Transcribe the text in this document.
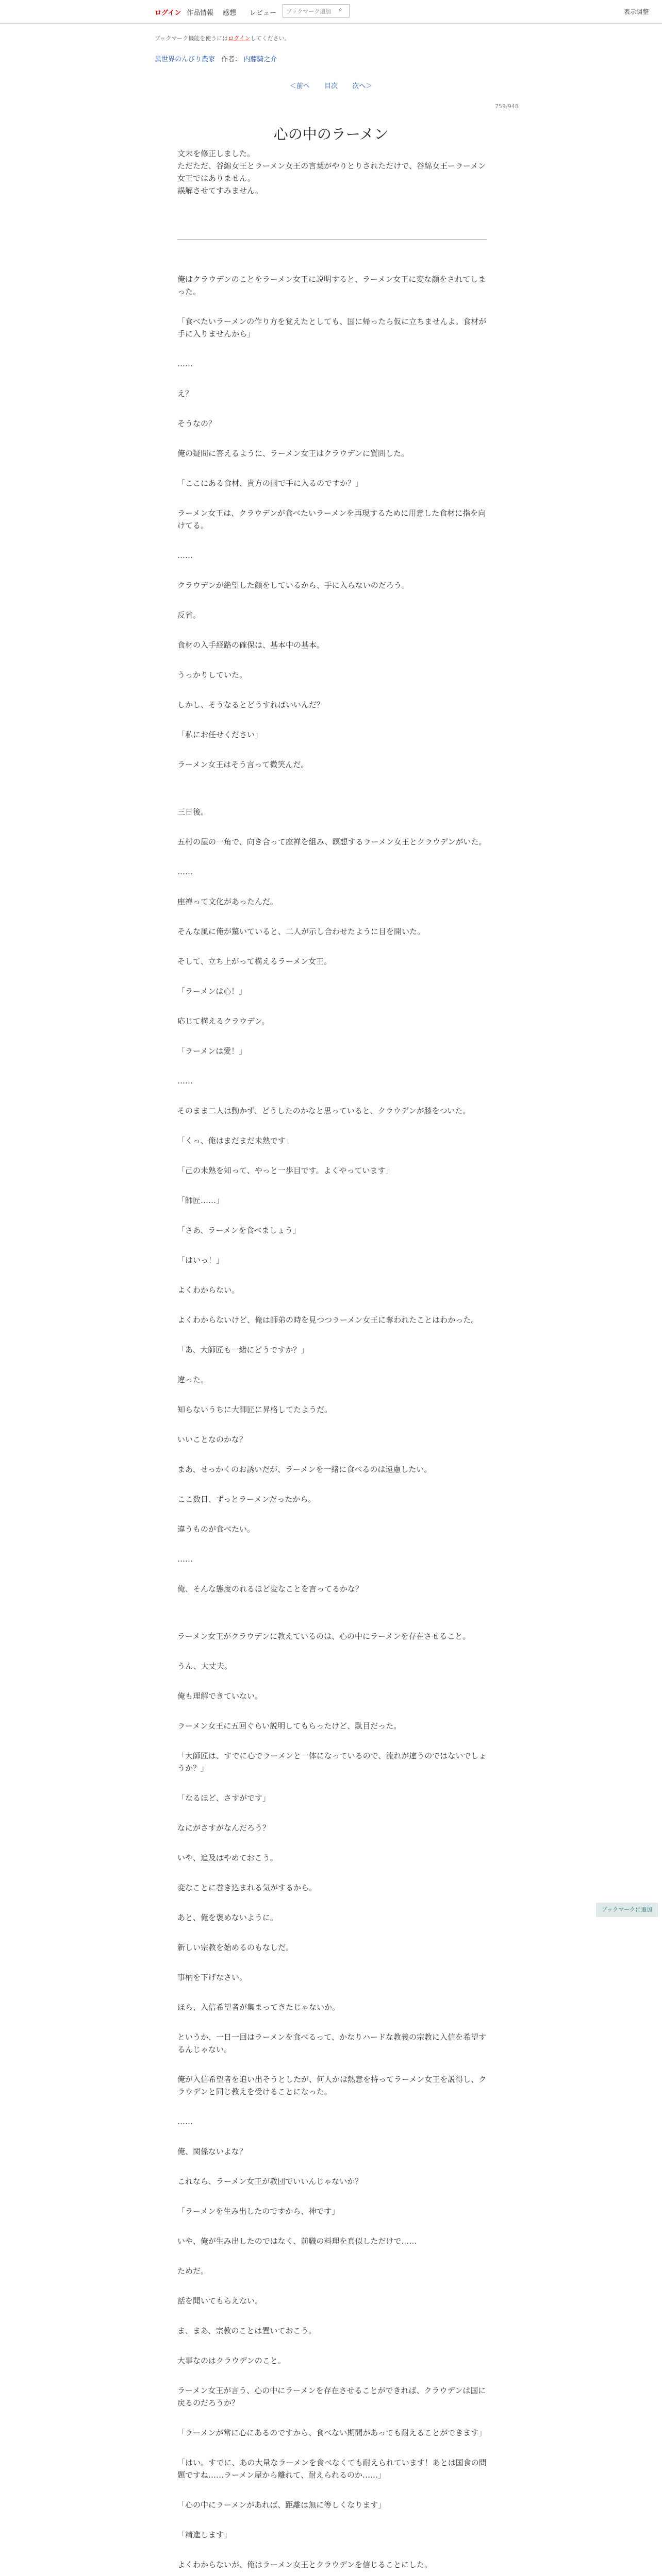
ログイン 作品情報 感想 レビュー	ブックマーク追加	⌕	表示調整
ブックマーク機能を使うにはログインしてください。
異世界のんびり農家 作者： 内藤騎之介
＜前へ 目次 次へ＞
759/948
心の中のラーメン
文末を修正しました。
ただただ、谷綿女王とラーメン女王の言葉がやりとりされただけで、谷綿女王ーラーメン女王ではありません。
誤解させてすみません。

俺はクラウデンのことをラーメン女王に説明すると、ラーメン女王に変な顔をされてしまった。

「食べたいラーメンの作り方を覚えたとしても、国に帰ったら仮に立ちませんよ。食材が手に入りませんから」

……

え？

そうなの？

俺の疑問に答えるように、ラーメン女王はクラウデンに質問した。

「ここにある食材、貴方の国で手に入るのですか？」

ラーメン女王は、クラウデンが食べたいラーメンを再現するために用意した食材に指を向けてる。

……

クラウデンが絶望した顔をしているから、手に入らないのだろう。

反省。

食材の入手経路の確保は、基本中の基本。

うっかりしていた。

しかし、そうなるとどうすればいいんだ？

「私にお任せください」

ラーメン女王はそう言って微笑んだ。

三日後。

五村の屋の一角で、向き合って座禅を組み、瞑想するラーメン女王とクラウデンがいた。

……

座禅って文化があったんだ。

そんな風に俺が驚いていると、二人が示し合わせたように目を開いた。

そして、立ち上がって構えるラーメン女王。

「ラーメンは心！」

応じて構えるクラウデン。

「ラーメンは愛！」

……

そのまま二人は動かず、どうしたのかなと思っていると、クラウデンが膝をついた。

「くっ、俺はまだまだ未熟です」

「己の未熟を知って、やっと一歩目です。よくやっています」

「師匠……」

「さあ、ラーメンを食べましょう」

「はいっ！」

よくわからない。

よくわからないけど、俺は師弟の時を見つつラーメン女王に奪われたことはわかった。

「あ、大師匠も一緒にどうですか？」

違った。

知らないうちに大師匠に昇格してたようだ。

いいことなのかな？

まあ、せっかくのお誘いだが、ラーメンを一緒に食べるのは遠慮したい。

ここ数日、ずっとラーメンだったから。

違うものが食べたい。

……

俺、そんな態度のれるほど変なことを言ってるかな？

ラーメン女王がクラウデンに教えているのは、心の中にラーメンを存在させること。

うん、大丈夫。

俺も理解できていない。

ラーメン女王に五回ぐらい説明してもらったけど、駄目だった。

「大師匠は、すでに心でラーメンと一体になっているので、流れが違うのではないでしょうか？」

「なるほど、さすがです」

なにがさすがなんだろう？

いや、追及はやめておこう。

変なことに巻き込まれる気がするから。

あと、俺を褒めないように。

新しい宗教を始めるのもなしだ。

事柄を下げなさい。

ほら、入信希望者が集まってきたじゃないか。

というか、一日一回はラーメンを食べるって、かなりハードな教義の宗教に入信を希望するんじゃない。

俺が入信希望者を追い出そうとしたが、何人かは熱意を持ってラーメン女王を説得し、クラウデンと同じ教えを受けることになった。

……

俺、関係ないよな？

これなら、ラーメン女王が教団でいいんじゃないか？

「ラーメンを生み出したのですから、神です」

いや、俺が生み出したのではなく、前職の料理を真似しただけで……

ためだ。

話を聞いてもらえない。

ま、まあ、宗教のことは置いておこう。

大事なのはクラウデンのこと。

ラーメン女王が言う、心の中にラーメンを存在させることができれば、クラウデンは国に戻るのだろうか？

「ラーメンが常に心にあるのですから、食べない期間があっても耐えることができます」

「はい。すでに、あの大量なラーメンを食べなくても耐えられています！あとは国食の問題ですね……ラーメン屋から離れて、耐えられるのか……」

「心の中にラーメンがあれば、距離は無に等しくなります」

「精進します」

よくわからないが、俺はラーメン女王とクラウデンを信じることにした。

ブックマークに追加
